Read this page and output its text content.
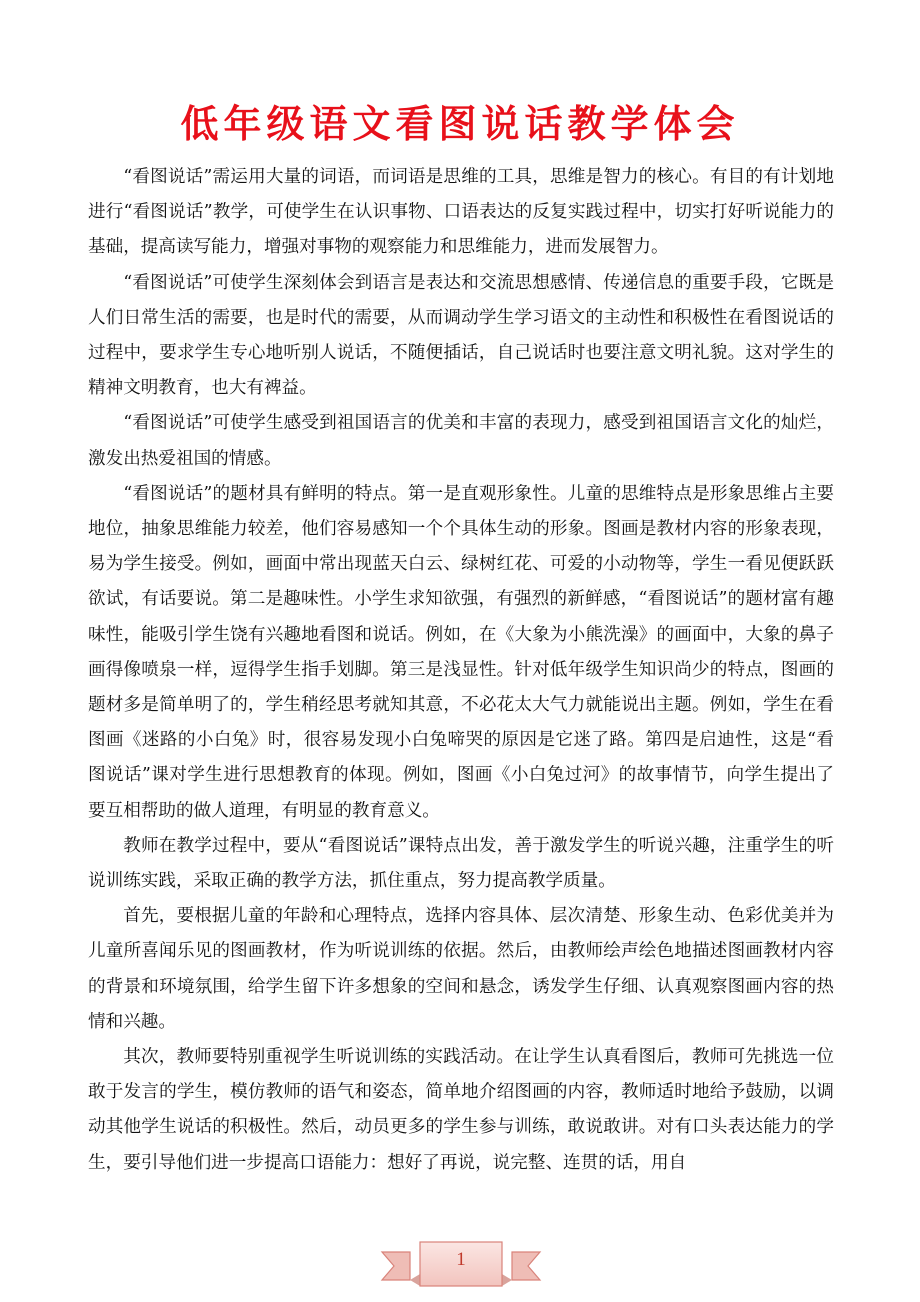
低年级语文看图说话教学体会

“看图说话”需运用大量的词语，而词语是思维的工具，思维是智力的核心。有目的有计划地进行“看图说话”教学，可使学生在认识事物、口语表达的反复实践过程中，切实打好听说能力的基础，提高读写能力，增强对事物的观察能力和思维能力，进而发展智力。

“看图说话”可使学生深刻体会到语言是表达和交流思想感情、传递信息的重要手段，它既是人们日常生活的需要，也是时代的需要，从而调动学生学习语文的主动性和积极性在看图说话的过程中，要求学生专心地听别人说话，不随便插话，自己说话时也要注意文明礼貌。这对学生的精神文明教育，也大有裨益。

“看图说话”可使学生感受到祖国语言的优美和丰富的表现力，感受到祖国语言文化的灿烂，激发出热爱祖国的情感。

“看图说话”的题材具有鲜明的特点。第一是直观形象性。儿童的思维特点是形象思维占主要地位，抽象思维能力较差，他们容易感知一个个具体生动的形象。图画是教材内容的形象表现，易为学生接受。例如，画面中常出现蓝天白云、绿树红花、可爱的小动物等，学生一看见便跃跃欲试，有话要说。第二是趣味性。小学生求知欲强，有强烈的新鲜感，“看图说话”的题材富有趣味性，能吸引学生饶有兴趣地看图和说话。例如，在《大象为小熊洗澡》的画面中，大象的鼻子画得像喷泉一样，逗得学生指手划脚。第三是浅显性。针对低年级学生知识尚少的特点，图画的题材多是简单明了的，学生稍经思考就知其意，不必花太大气力就能说出主题。例如，学生在看图画《迷路的小白兔》时，很容易发现小白兔啼哭的原因是它迷了路。第四是启迪性，这是“看图说话”课对学生进行思想教育的体现。例如，图画《小白兔过河》的故事情节，向学生提出了要互相帮助的做人道理，有明显的教育意义。

教师在教学过程中，要从“看图说话”课特点出发，善于激发学生的听说兴趣，注重学生的听说训练实践，采取正确的教学方法，抓住重点，努力提高教学质量。

首先，要根据儿童的年龄和心理特点，选择内容具体、层次清楚、形象生动、色彩优美并为儿童所喜闻乐见的图画教材，作为听说训练的依据。然后，由教师绘声绘色地描述图画教材内容的背景和环境氛围，给学生留下许多想象的空间和悬念，诱发学生仔细、认真观察图画内容的热情和兴趣。

其次，教师要特别重视学生听说训练的实践活动。在让学生认真看图后，教师可先挑选一位敢于发言的学生，模仿教师的语气和姿态，简单地介绍图画的内容，教师适时地给予鼓励，以调动其他学生说话的积极性。然后，动员更多的学生参与训练，敢说敢讲。对有口头表达能力的学生，要引导他们进一步提高口语能力：想好了再说，说完整、连贯的话，用自

1
